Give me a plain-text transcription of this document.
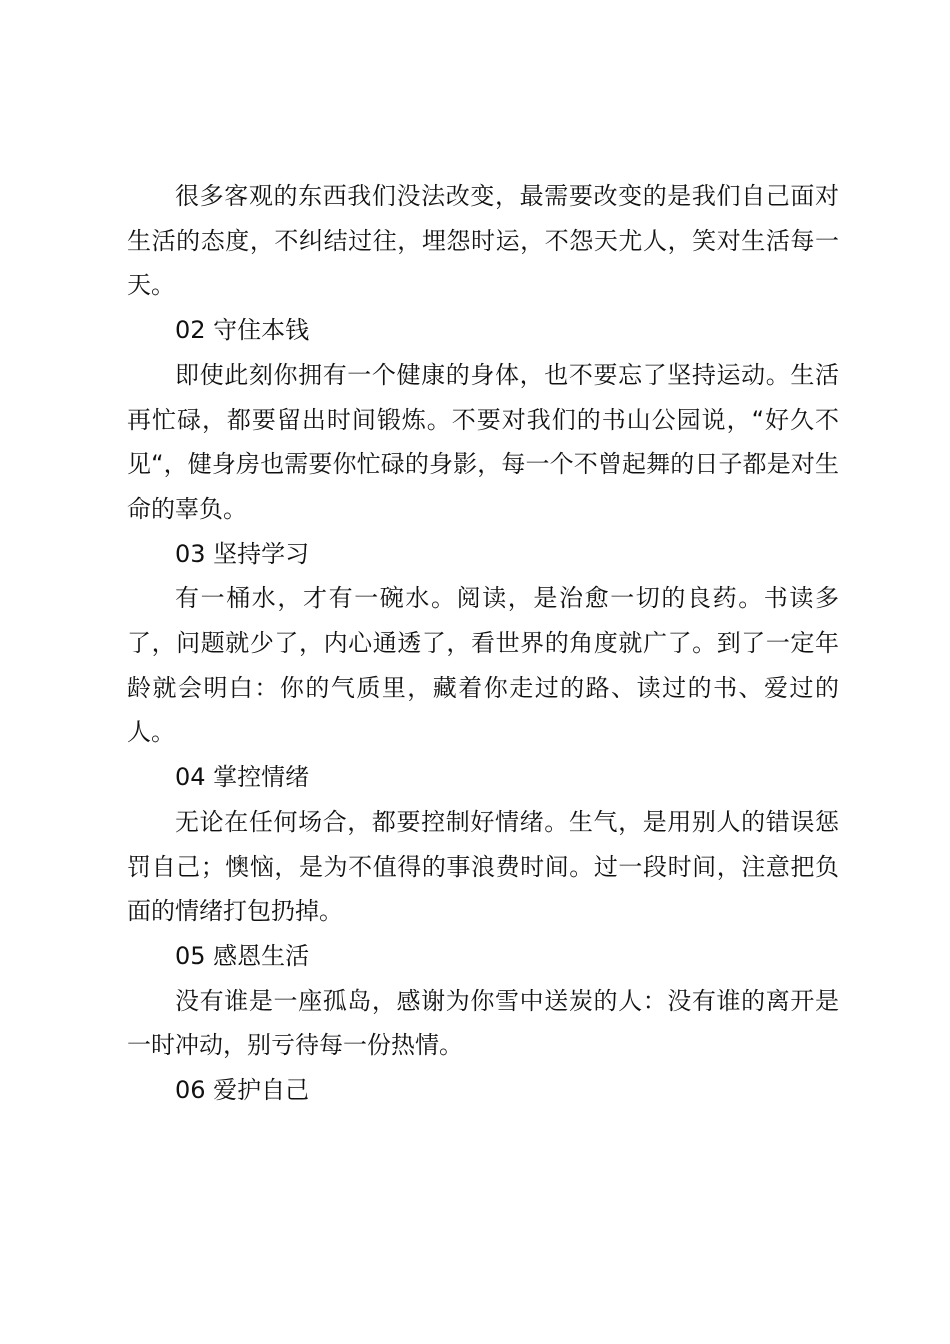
很多客观的东西我们没法改变，最需要改变的是我们自己面对生活的态度，不纠结过往，埋怨时运，不怨天尤人，笑对生活每一天。

02 守住本钱

即使此刻你拥有一个健康的身体，也不要忘了坚持运动。生活再忙碌，都要留出时间锻炼。不要对我们的书山公园说，“好久不见“，健身房也需要你忙碌的身影，每一个不曾起舞的日子都是对生命的辜负。

03 坚持学习

有一桶水，才有一碗水。阅读，是治愈一切的良药。书读多了，问题就少了，内心通透了，看世界的角度就广了。到了一定年龄就会明白：你的气质里，藏着你走过的路、读过的书、爱过的人。

04 掌控情绪

无论在任何场合，都要控制好情绪。生气，是用别人的错误惩罚自己；懊恼，是为不值得的事浪费时间。过一段时间，注意把负面的情绪打包扔掉。

05 感恩生活

没有谁是一座孤岛，感谢为你雪中送炭的人：没有谁的离开是一时冲动，别亏待每一份热情。

06 爱护自己
